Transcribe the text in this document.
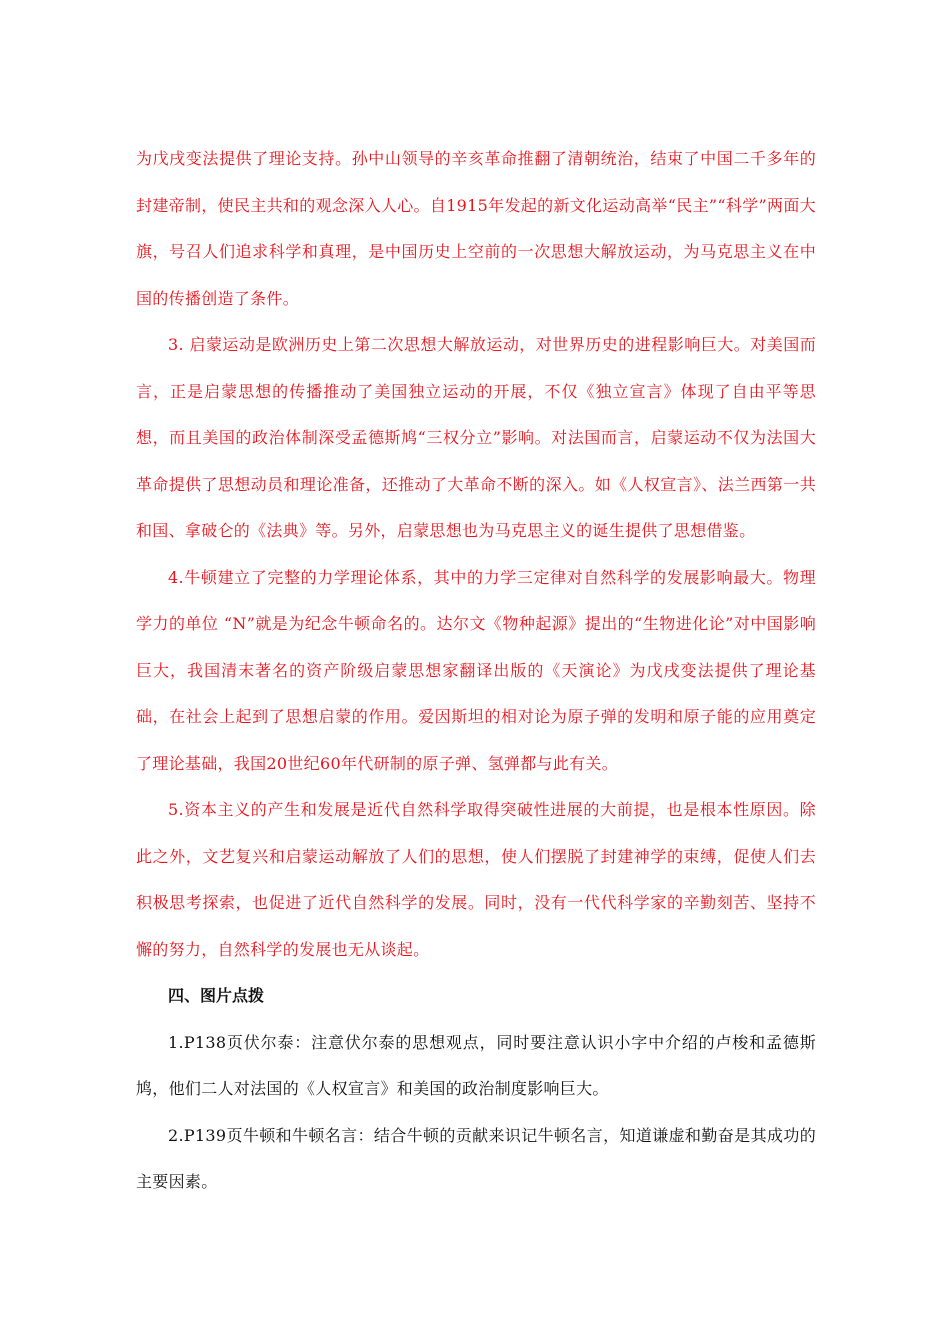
为戊戌变法提供了理论支持。孙中山领导的辛亥革命推翻了清朝统治，结束了中国二千多年的封建帝制，使民主共和的观念深入人心。自1915年发起的新文化运动高举“民主”“科学”两面大旗，号召人们追求科学和真理，是中国历史上空前的一次思想大解放运动，为马克思主义在中国的传播创造了条件。

3. 启蒙运动是欧洲历史上第二次思想大解放运动，对世界历史的进程影响巨大。对美国而言，正是启蒙思想的传播推动了美国独立运动的开展，不仅《独立宣言》体现了自由平等思想，而且美国的政治体制深受孟德斯鸠“三权分立”影响。对法国而言，启蒙运动不仅为法国大革命提供了思想动员和理论准备，还推动了大革命不断的深入。如《人权宣言》、法兰西第一共和国、拿破仑的《法典》等。另外，启蒙思想也为马克思主义的诞生提供了思想借鉴。

4.牛顿建立了完整的力学理论体系，其中的力学三定律对自然科学的发展影响最大。物理学力的单位 “N”就是为纪念牛顿命名的。达尔文《物种起源》提出的“生物进化论”对中国影响巨大，我国清末著名的资产阶级启蒙思想家翻译出版的《天演论》为戊戌变法提供了理论基础，在社会上起到了思想启蒙的作用。爱因斯坦的相对论为原子弹的发明和原子能的应用奠定了理论基础，我国20世纪60年代研制的原子弹、氢弹都与此有关。

5.资本主义的产生和发展是近代自然科学取得突破性进展的大前提，也是根本性原因。除此之外，文艺复兴和启蒙运动解放了人们的思想，使人们摆脱了封建神学的束缚，促使人们去积极思考探索，也促进了近代自然科学的发展。同时，没有一代代科学家的辛勤刻苦、坚持不懈的努力，自然科学的发展也无从谈起。

四、图片点拨

1.P138页伏尔泰：注意伏尔泰的思想观点，同时要注意认识小字中介绍的卢梭和孟德斯鸠，他们二人对法国的《人权宣言》和美国的政治制度影响巨大。

2.P139页牛顿和牛顿名言：结合牛顿的贡献来识记牛顿名言，知道谦虚和勤奋是其成功的主要因素。
